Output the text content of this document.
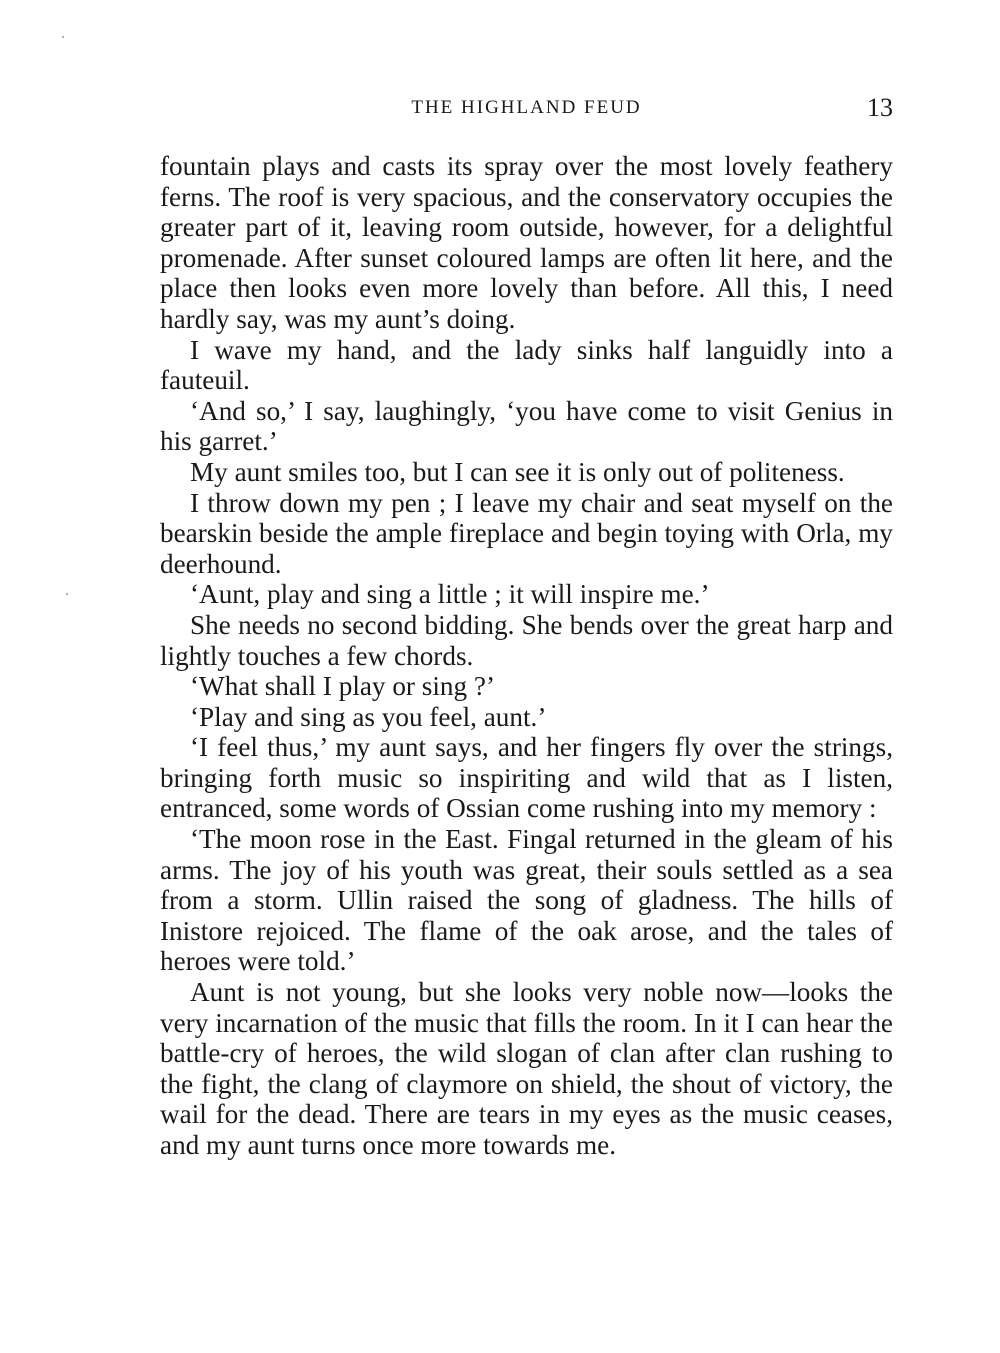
THE HIGHLAND FEUD	13

fountain plays and casts its spray over the most lovely feathery ferns. The roof is very spacious, and the conservatory occupies the greater part of it, leaving room outside, however, for a delightful promenade. After sunset coloured lamps are often lit here, and the place then looks even more lovely than before. All this, I need hardly say, was my aunt’s doing.

I wave my hand, and the lady sinks half languidly into a fauteuil.

‘And so,’ I say, laughingly, ‘you have come to visit Genius in his garret.’

My aunt smiles too, but I can see it is only out of politeness.

I throw down my pen ; I leave my chair and seat myself on the bearskin beside the ample fireplace and begin toying with Orla, my deerhound.

‘Aunt, play and sing a little ; it will inspire me.’

She needs no second bidding. She bends over the great harp and lightly touches a few chords.

‘What shall I play or sing ?’

‘Play and sing as you feel, aunt.’

‘I feel thus,’ my aunt says, and her fingers fly over the strings, bringing forth music so inspiriting and wild that as I listen, entranced, some words of Ossian come rushing into my memory :

‘The moon rose in the East. Fingal returned in the gleam of his arms. The joy of his youth was great, their souls settled as a sea from a storm. Ullin raised the song of gladness. The hills of Inistore rejoiced. The flame of the oak arose, and the tales of heroes were told.’

Aunt is not young, but she looks very noble now—looks the very incarnation of the music that fills the room. In it I can hear the battle-cry of heroes, the wild slogan of clan after clan rushing to the fight, the clang of claymore on shield, the shout of victory, the wail for the dead. There are tears in my eyes as the music ceases, and my aunt turns once more towards me.
